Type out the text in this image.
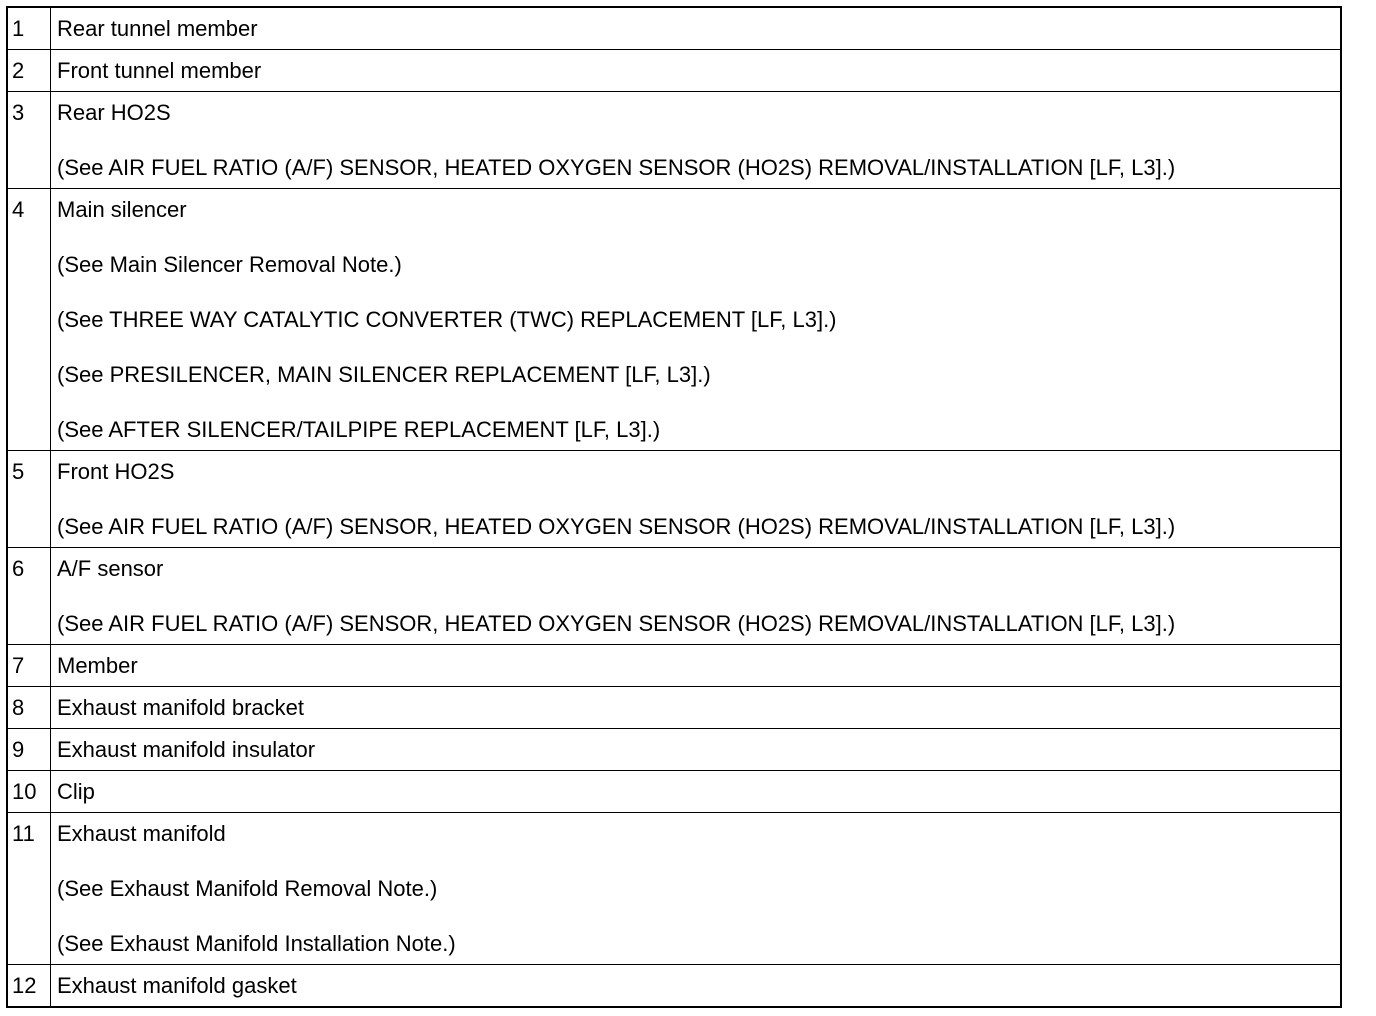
1	Rear tunnel member

2	Front tunnel member

3	Rear HO2S
(See AIR FUEL RATIO (A/F) SENSOR, HEATED OXYGEN SENSOR (HO2S) REMOVAL/INSTALLATION [LF, L3].)

4	Main silencer
(See Main Silencer Removal Note.)
(See THREE WAY CATALYTIC CONVERTER (TWC) REPLACEMENT [LF, L3].)
(See PRESILENCER, MAIN SILENCER REPLACEMENT [LF, L3].)
(See AFTER SILENCER/TAILPIPE REPLACEMENT [LF, L3].)

5	Front HO2S
(See AIR FUEL RATIO (A/F) SENSOR, HEATED OXYGEN SENSOR (HO2S) REMOVAL/INSTALLATION [LF, L3].)

6	A/F sensor
(See AIR FUEL RATIO (A/F) SENSOR, HEATED OXYGEN SENSOR (HO2S) REMOVAL/INSTALLATION [LF, L3].)

7	Member

8	Exhaust manifold bracket

9	Exhaust manifold insulator

10	Clip

11	Exhaust manifold
(See Exhaust Manifold Removal Note.)
(See Exhaust Manifold Installation Note.)

12	Exhaust manifold gasket
